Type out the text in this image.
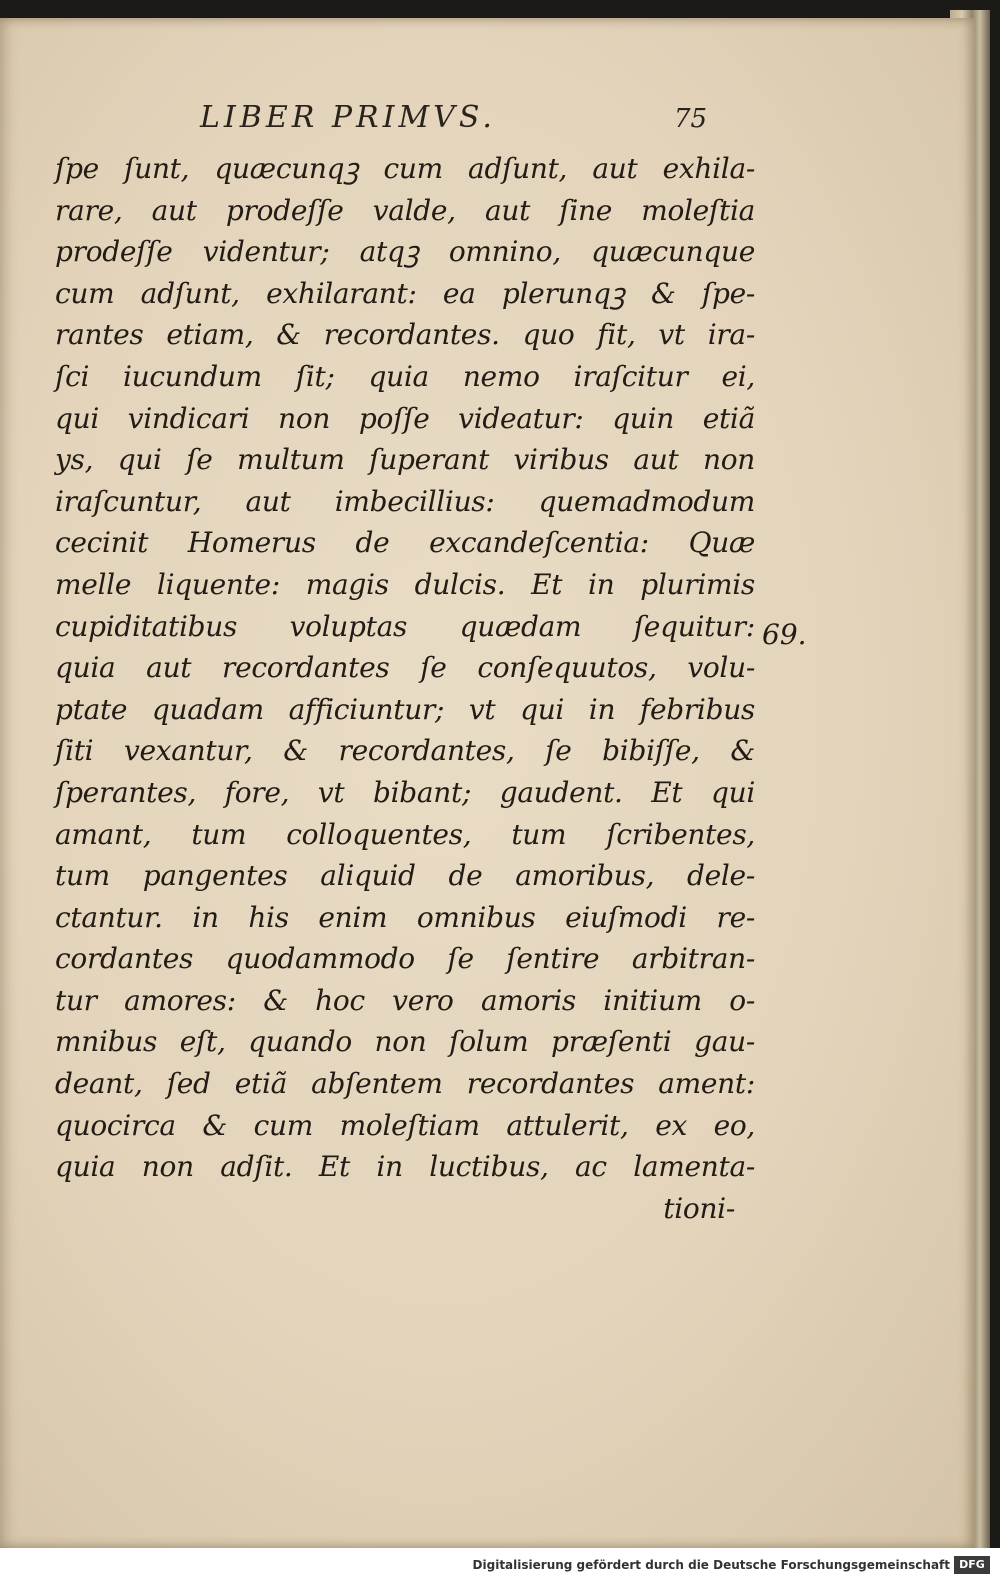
LIBER PRIMVS.	75
ſpe ſunt, quæcunqꝫ cum adſunt, aut exhila-
rare, aut prodeſſe valde, aut ſine moleſtia
prodeſſe videntur; atqꝫ omnino, quæcunque
cum adſunt, exhilarant: ea plerunqꝫ & ſpe-
rantes etiam, & recordantes. quo fit, vt ira-
ſci iucundum ſit; quia nemo iraſcitur ei,
qui vindicari non poſſe videatur: quin etiã
ys, qui ſe multum ſuperant viribus aut non
iraſcuntur, aut imbecillius: quemadmodum
cecinit Homerus de excandeſcentia: Quæ
melle liquente: magis dulcis. Et in plurimis
cupiditatibus voluptas quædam ſequitur:
quia aut recordantes ſe conſequutos, volu-
ptate quadam afficiuntur; vt qui in febribus
ſiti vexantur, & recordantes, ſe bibiſſe, &
ſperantes, fore, vt bibant; gaudent. Et qui
amant, tum colloquentes, tum ſcribentes,
tum pangentes aliquid de amoribus, dele-
ctantur. in his enim omnibus eiuſmodi re-
cordantes quodammodo ſe ſentire arbitran-
tur amores: & hoc vero amoris initium o-
mnibus eſt, quando non ſolum præſenti gau-
deant, ſed etiã abſentem recordantes ament:
quocirca & cum moleſtiam attulerit, ex eo,
quia non adſit. Et in luctibus, ac lamenta-
tioni-
69.
Digitalisierung gefördert durch die Deutsche Forschungsgemeinschaft DFG
